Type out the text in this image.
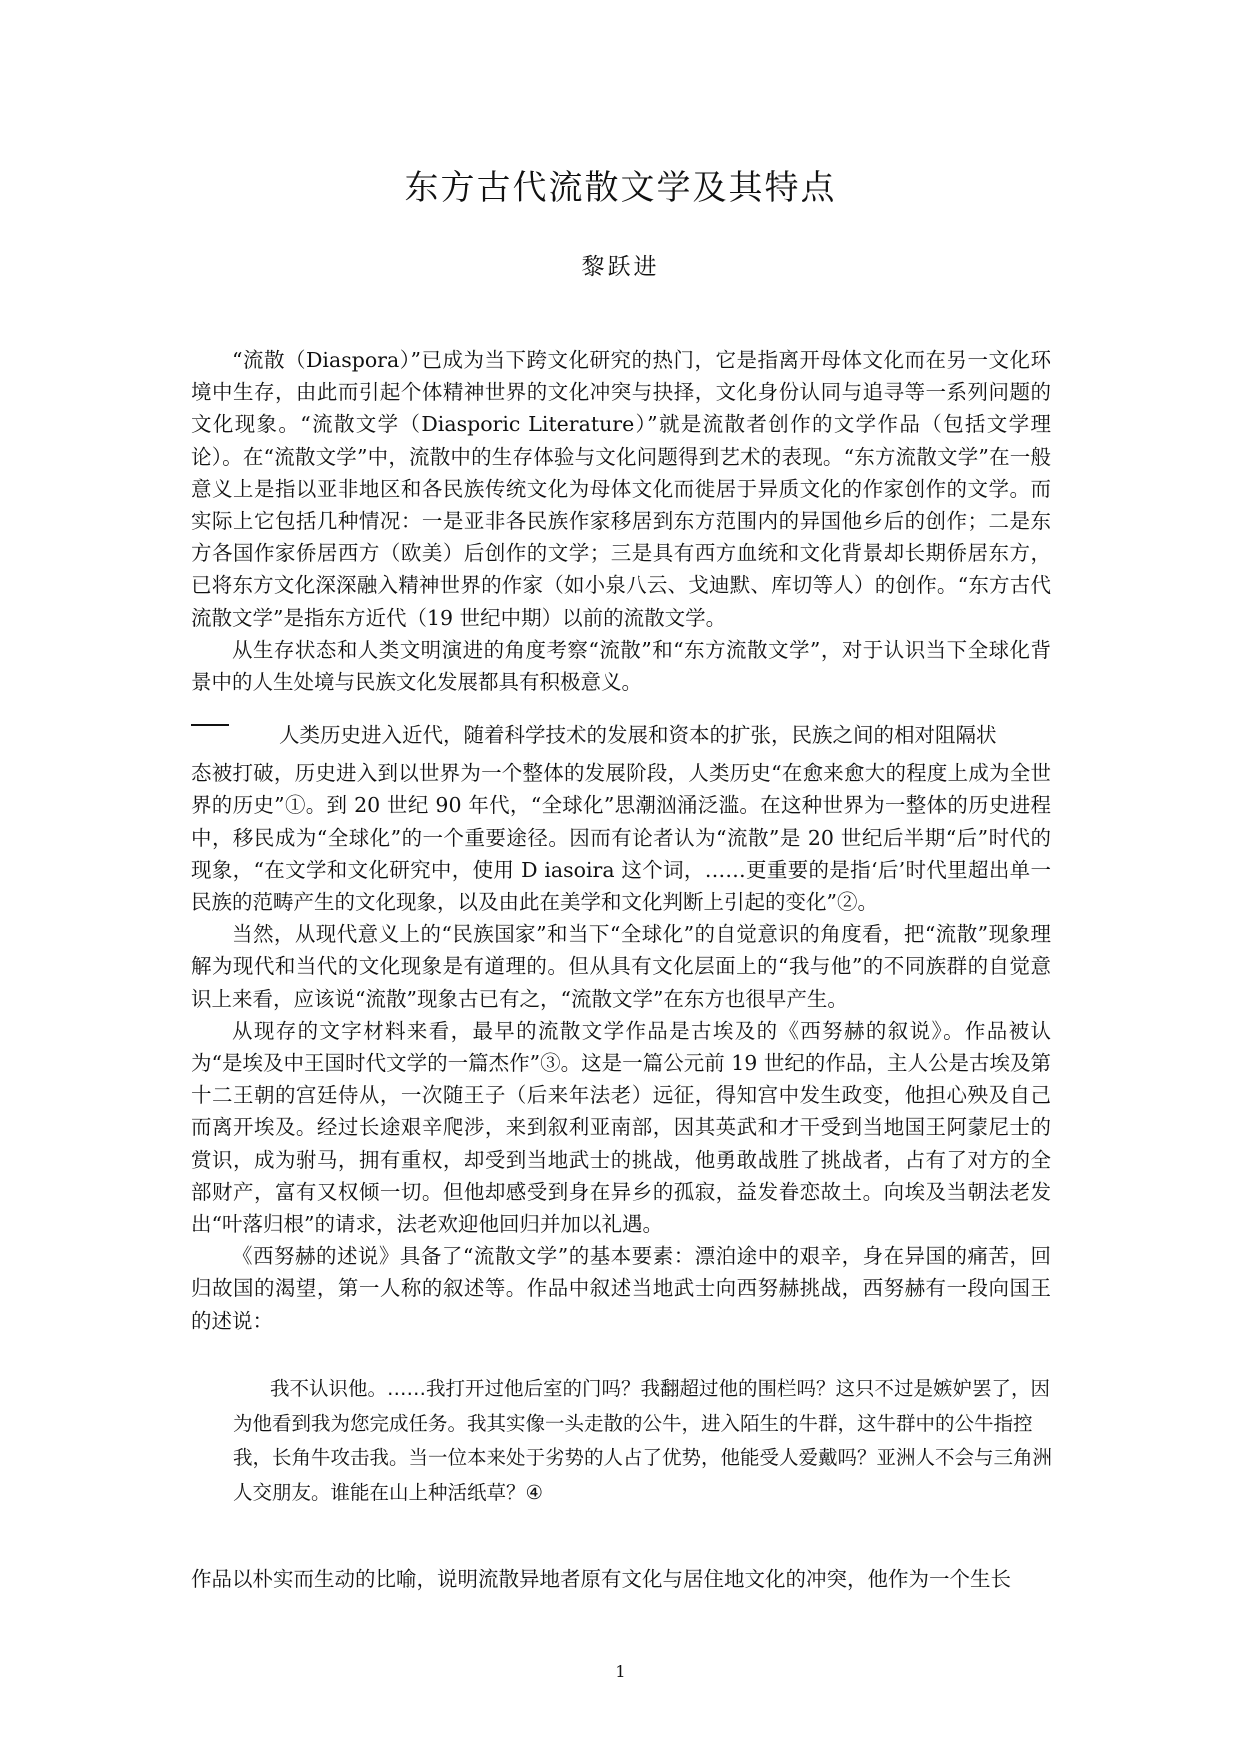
东方古代流散文学及其特点
黎跃进

“流散（Diaspora）”已成为当下跨文化研究的热门，它是指离开母体文化而在另一文化环境中生存，由此而引起个体精神世界的文化冲突与抉择，文化身份认同与追寻等一系列问题的文化现象。“流散文学（Diasporic Literature）”就是流散者创作的文学作品（包括文学理论）。在“流散文学”中，流散中的生存体验与文化问题得到艺术的表现。“东方流散文学”在一般意义上是指以亚非地区和各民族传统文化为母体文化而徙居于异质文化的作家创作的文学。而实际上它包括几种情况：一是亚非各民族作家移居到东方范围内的异国他乡后的创作；二是东方各国作家侨居西方（欧美）后创作的文学；三是具有西方血统和文化背景却长期侨居东方，已将东方文化深深融入精神世界的作家（如小泉八云、戈迪默、库切等人）的创作。“东方古代流散文学”是指东方近代（19 世纪中期）以前的流散文学。

从生存状态和人类文明演进的角度考察“流散”和“东方流散文学”，对于认识当下全球化背景中的人生处境与民族文化发展都具有积极意义。

人类历史进入近代，随着科学技术的发展和资本的扩张，民族之间的相对阻隔状

态被打破，历史进入到以世界为一个整体的发展阶段，人类历史“在愈来愈大的程度上成为全世界的历史”①。到 20 世纪 90 年代，“全球化”思潮汹涌泛滥。在这种世界为一整体的历史进程中，移民成为“全球化”的一个重要途径。因而有论者认为“流散”是 20 世纪后半期“后”时代的现象，“在文学和文化研究中，使用 D iasoira 这个词，……更重要的是指‘后’时代里超出单一民族的范畴产生的文化现象，以及由此在美学和文化判断上引起的变化”②。

当然，从现代意义上的“民族国家”和当下“全球化”的自觉意识的角度看，把“流散”现象理解为现代和当代的文化现象是有道理的。但从具有文化层面上的“我与他”的不同族群的自觉意识上来看，应该说“流散”现象古已有之，“流散文学”在东方也很早产生。

从现存的文字材料来看，最早的流散文学作品是古埃及的《西努赫的叙说》。作品被认为“是埃及中王国时代文学的一篇杰作”③。这是一篇公元前 19 世纪的作品，主人公是古埃及第十二王朝的宫廷侍从，一次随王子（后来年法老）远征，得知宫中发生政变，他担心殃及自己而离开埃及。经过长途艰辛爬涉，来到叙利亚南部，因其英武和才干受到当地国王阿蒙尼士的赏识，成为驸马，拥有重权，却受到当地武士的挑战，他勇敢战胜了挑战者，占有了对方的全部财产，富有又权倾一切。但他却感受到身在异乡的孤寂，益发眷恋故土。向埃及当朝法老发出“叶落归根”的请求，法老欢迎他回归并加以礼遇。

《西努赫的述说》具备了“流散文学”的基本要素：漂泊途中的艰辛，身在异国的痛苦，回归故国的渴望，第一人称的叙述等。作品中叙述当地武士向西努赫挑战，西努赫有一段向国王的述说：

我不认识他。……我打开过他后室的门吗？我翻超过他的围栏吗？这只不过是嫉妒罢了，因为他看到我为您完成任务。我其实像一头走散的公牛，进入陌生的牛群，这牛群中的公牛指控我，长角牛攻击我。当一位本来处于劣势的人占了优势，他能受人爱戴吗？亚洲人不会与三角洲人交朋友。谁能在山上种活纸草？④

作品以朴实而生动的比喻，说明流散异地者原有文化与居住地文化的冲突，他作为一个生长
1
